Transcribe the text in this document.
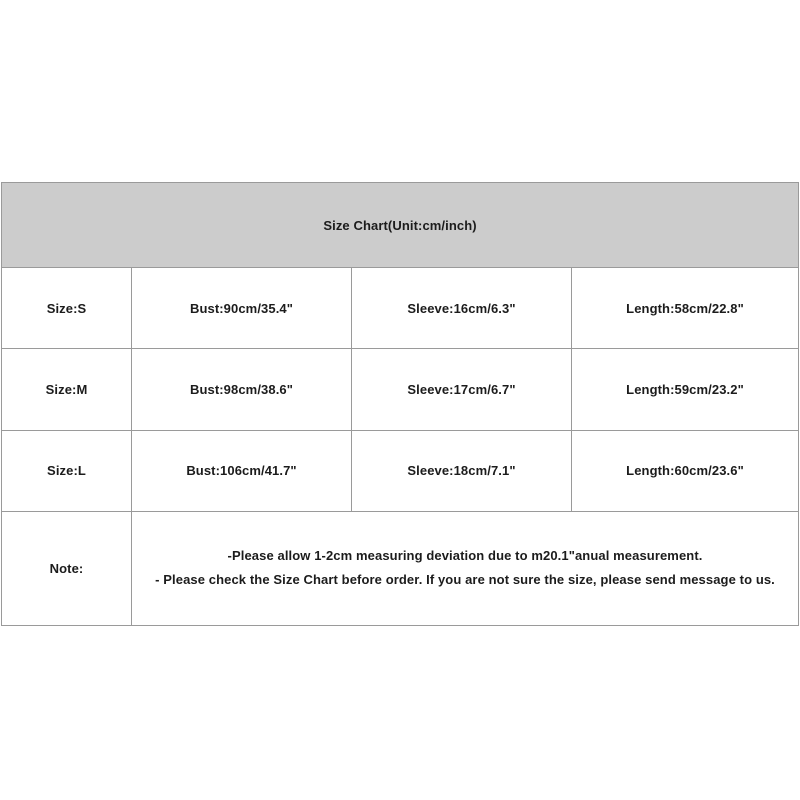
Size Chart(Unit:cm/inch)			
Size:S	Bust:90cm/35.4"	Sleeve:16cm/6.3"	Length:58cm/22.8"
Size:M	Bust:98cm/38.6"	Sleeve:17cm/6.7"	Length:59cm/23.2"
Size:L	Bust:106cm/41.7"	Sleeve:18cm/7.1"	Length:60cm/23.6"
Note:	-Please allow 1-2cm measuring deviation due to m20.1"anual measurement.
- Please check the Size Chart before order. If you are not sure the size, please send message to us.		
